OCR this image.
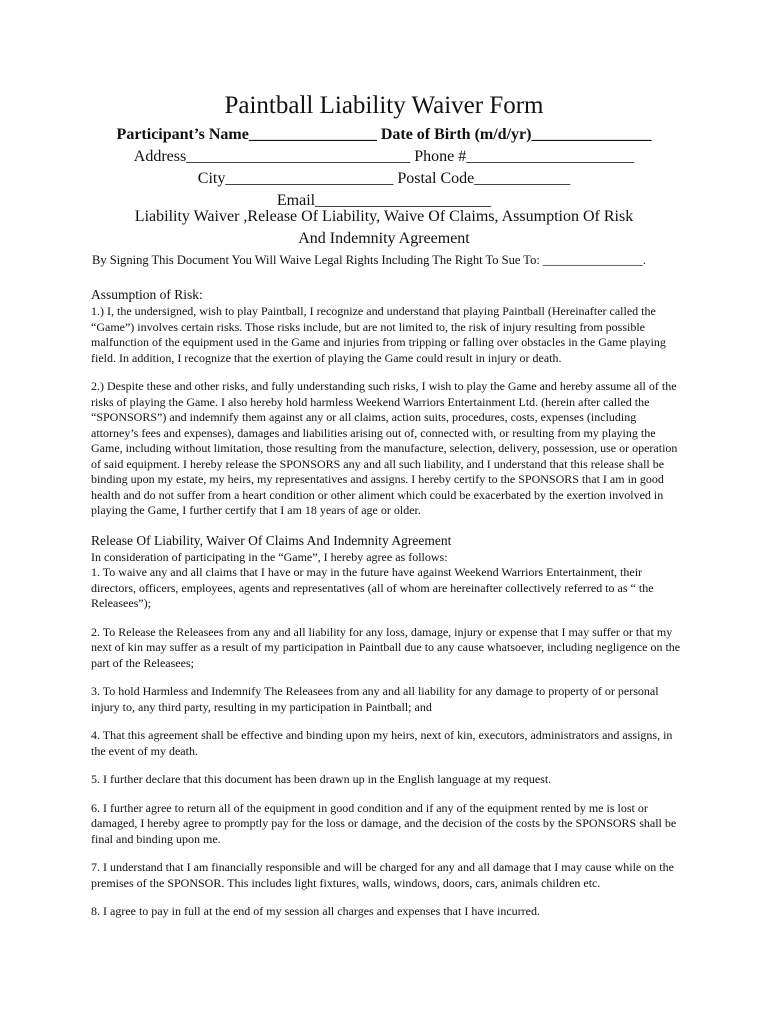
Paintball Liability Waiver Form
Participant’s Name________________ Date of Birth (m/d/yr)_______________
Address____________________________ Phone #_____________________
City_____________________ Postal Code____________
Email______________________
Liability Waiver ,Release Of Liability, Waive Of Claims, Assumption Of Risk
And Indemnity Agreement
By Signing This Document You Will Waive Legal Rights Including The Right To Sue To: ________________.
Assumption of Risk:

1.) I, the undersigned, wish to play Paintball, I recognize and understand that playing Paintball (Hereinafter called the “Game”) involves certain risks. Those risks include, but are not limited to, the risk of injury resulting from possible malfunction of the equipment used in the Game and injuries from tripping or falling over obstacles in the Game playing field. In addition, I recognize that the exertion of playing the Game could result in injury or death.

2.) Despite these and other risks, and fully understanding such risks, I wish to play the Game and hereby assume all of the risks of playing the Game. I also hereby hold harmless Weekend Warriors Entertainment Ltd. (herein after called the “SPONSORS”) and indemnify them against any or all claims, action suits, procedures, costs, expenses (including attorney’s fees and expenses), damages and liabilities arising out of, connected with, or resulting from my playing the Game, including without limitation, those resulting from the manufacture, selection, delivery, possession, use or operation of said equipment. I hereby release the SPONSORS any and all such liability, and I understand that this release shall be binding upon my estate, my heirs, my representatives and assigns. I hereby certify to the SPONSORS that I am in good health and do not suffer from a heart condition or other aliment which could be exacerbated by the exertion involved in playing the Game, I further certify that I am 18 years of age or older.

Release Of Liability, Waiver Of Claims And Indemnity Agreement
In consideration of participating in the “Game”, I hereby agree as follows:

1. To waive any and all claims that I have or may in the future have against Weekend Warriors Entertainment, their directors, officers, employees, agents and representatives (all of whom are hereinafter collectively referred to as “ the Releasees”);

2. To Release the Releasees from any and all liability for any loss, damage, injury or expense that I may suffer or that my next of kin may suffer as a result of my participation in Paintball due to any cause whatsoever, including negligence on the part of the Releasees;

3. To hold Harmless and Indemnify The Releasees from any and all liability for any damage to property of or personal injury to, any third party, resulting in my participation in Paintball; and

4. That this agreement shall be effective and binding upon my heirs, next of kin, executors, administrators and assigns, in the event of my death.

5. I further declare that this document has been drawn up in the English language at my request.

6. I further agree to return all of the equipment in good condition and if any of the equipment rented by me is lost or damaged, I hereby agree to promptly pay for the loss or damage, and the decision of the costs by the SPONSORS shall be final and binding upon me.

7. I understand that I am financially responsible and will be charged for any and all damage that I may cause while on the premises of the SPONSOR. This includes light fixtures, walls, windows, doors, cars, animals children etc.

8. I agree to pay in full at the end of my session all charges and expenses that I have incurred.
